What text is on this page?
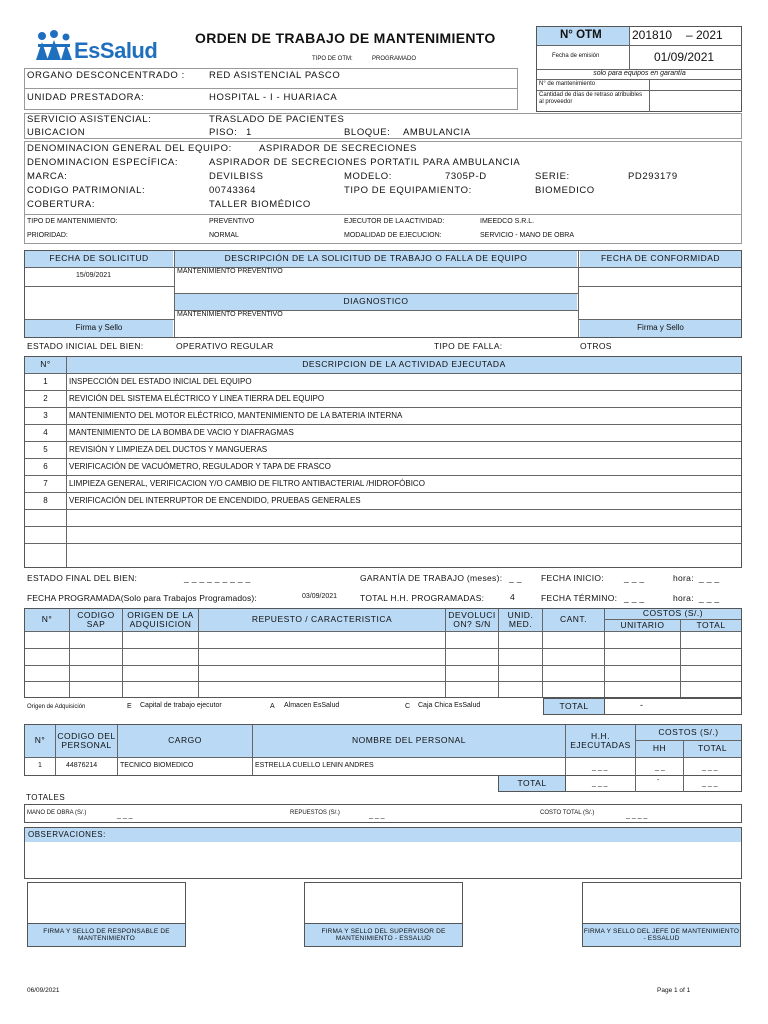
EsSalud	ORDEN DE TRABAJO DE MANTENIMIENTO
TIPO DE OTM:	PROGRAMADO
N° OTM	201810 – 2021
Fecha de emisión	01/09/2021
solo para equipos en garantía
N° de mantenimiento
Cantidad de días de retraso atribuibles al proveedor
ORGANO DESCONCENTRADO :	RED ASISTENCIAL PASCO
UNIDAD PRESTADORA:	HOSPITAL - I - HUARIACA
SERVICIO ASISTENCIAL:	TRASLADO DE PACIENTES
UBICACION	PISO: 1	BLOQUE: AMBULANCIA
DENOMINACION GENERAL DEL EQUIPO:	ASPIRADOR DE SECRECIONES
DENOMINACION ESPECÍFICA:	ASPIRADOR DE SECRECIONES PORTATIL PARA AMBULANCIA
MARCA:	DEVILBISS	MODELO:	7305P-D	SERIE:	PD293179
CODIGO PATRIMONIAL:	00743364	TIPO DE EQUIPAMIENTO:	BIOMEDICO
COBERTURA:	TALLER BIOMÉDICO
TIPO DE MANTENIMIENTO:	PREVENTIVO	EJECUTOR DE LA ACTIVIDAD:	IMEEDCO S.R.L.
PRIORIDAD:	NORMAL	MODALIDAD DE EJECUCION:	SERVICIO - MANO DE OBRA
FECHA DE SOLICITUD	DESCRIPCIÓN DE LA SOLICITUD DE TRABAJO O FALLA DE EQUIPO	FECHA DE CONFORMIDAD
15/09/2021
MANTENIMIENTO PREVENTIVO
DIAGNOSTICO
MANTENIMIENTO PREVENTIVO
Firma y Sello	Firma y Sello
ESTADO INICIAL DEL BIEN:	OPERATIVO REGULAR	TIPO DE FALLA:	OTROS
N°	DESCRIPCION DE LA ACTIVIDAD EJECUTADA
1	INSPECCIÓN DEL ESTADO INICIAL DEL EQUIPO
2	REVICIÓN DEL SISTEMA ELÉCTRICO Y LINEA TIERRA DEL EQUIPO
3	MANTENIMIENTO DEL MOTOR ELÉCTRICO, MANTENIMIENTO DE LA BATERIA INTERNA
4	MANTENIMIENTO DE LA BOMBA DE VACIO Y DIAFRAGMAS
5	REVISIÓN Y LIMPIEZA DEL DUCTOS Y MANGUERAS
6	VERIFICACIÓN DE VACUÓMETRO, REGULADOR Y TAPA DE FRASCO
7	LIMPIEZA GENERAL, VERIFICACION Y/O CAMBIO DE FILTRO ANTIBACTERIAL /HIDROFÓBICO
8	VERIFICACIÓN DEL INTERRUPTOR DE ENCENDIDO, PRUEBAS GENERALES
ESTADO FINAL DEL BIEN:	_ _ _ _ _ _ _ _ _	GARANTÍA DE TRABAJO (meses): _ _ FECHA INICIO: _ _ _	hora: _ _ _
FECHA PROGRAMADA(Solo para Trabajos Programados):	03/09/2021	TOTAL H.H. PROGRAMADAS:	4	FECHA TÉRMINO: _ _ _	hora: _ _ _
N°	CODIGO SAP
ORIGEN DE LA ADQUISICION	REPUESTO / CARACTERISTICA	DEVOLUCI ON? S/N
UNID. MED.	CANT.
COSTOS (S/.)
UNITARIO	TOTAL
Origen de Adquisición	E Capital de trabajo ejecutor	A Almacen EsSalud	C Caja Chica EsSalud	TOTAL	-
N°	CODIGO DEL PERSONAL	CARGO	NOMBRE DEL PERSONAL	H.H. EJECUTADAS
COSTOS (S/.)
HH	TOTAL
1	44876214	TECNICO BIOMEDICO	ESTRELLA CUELLO LENIN ANDRES	_ _ _	_ _	_ _ _
TOTAL	_ _ _	-	_ _ _
TOTALES
MANO DE OBRA (S/.)	_ _ _	REPUESTOS (S/.)	_ _ _	COSTO TOTAL (S/.)	_ _ _ _
OBSERVACIONES:
FIRMA Y SELLO DE RESPONSABLE DE MANTENIMIENTO
FIRMA Y SELLO DEL SUPERVISOR DE MANTENIMIENTO - ESSALUD
FIRMA Y SELLO DEL JEFE DE MANTENIMIENTO - ESSALUD
06/09/2021	Page 1 of 1
